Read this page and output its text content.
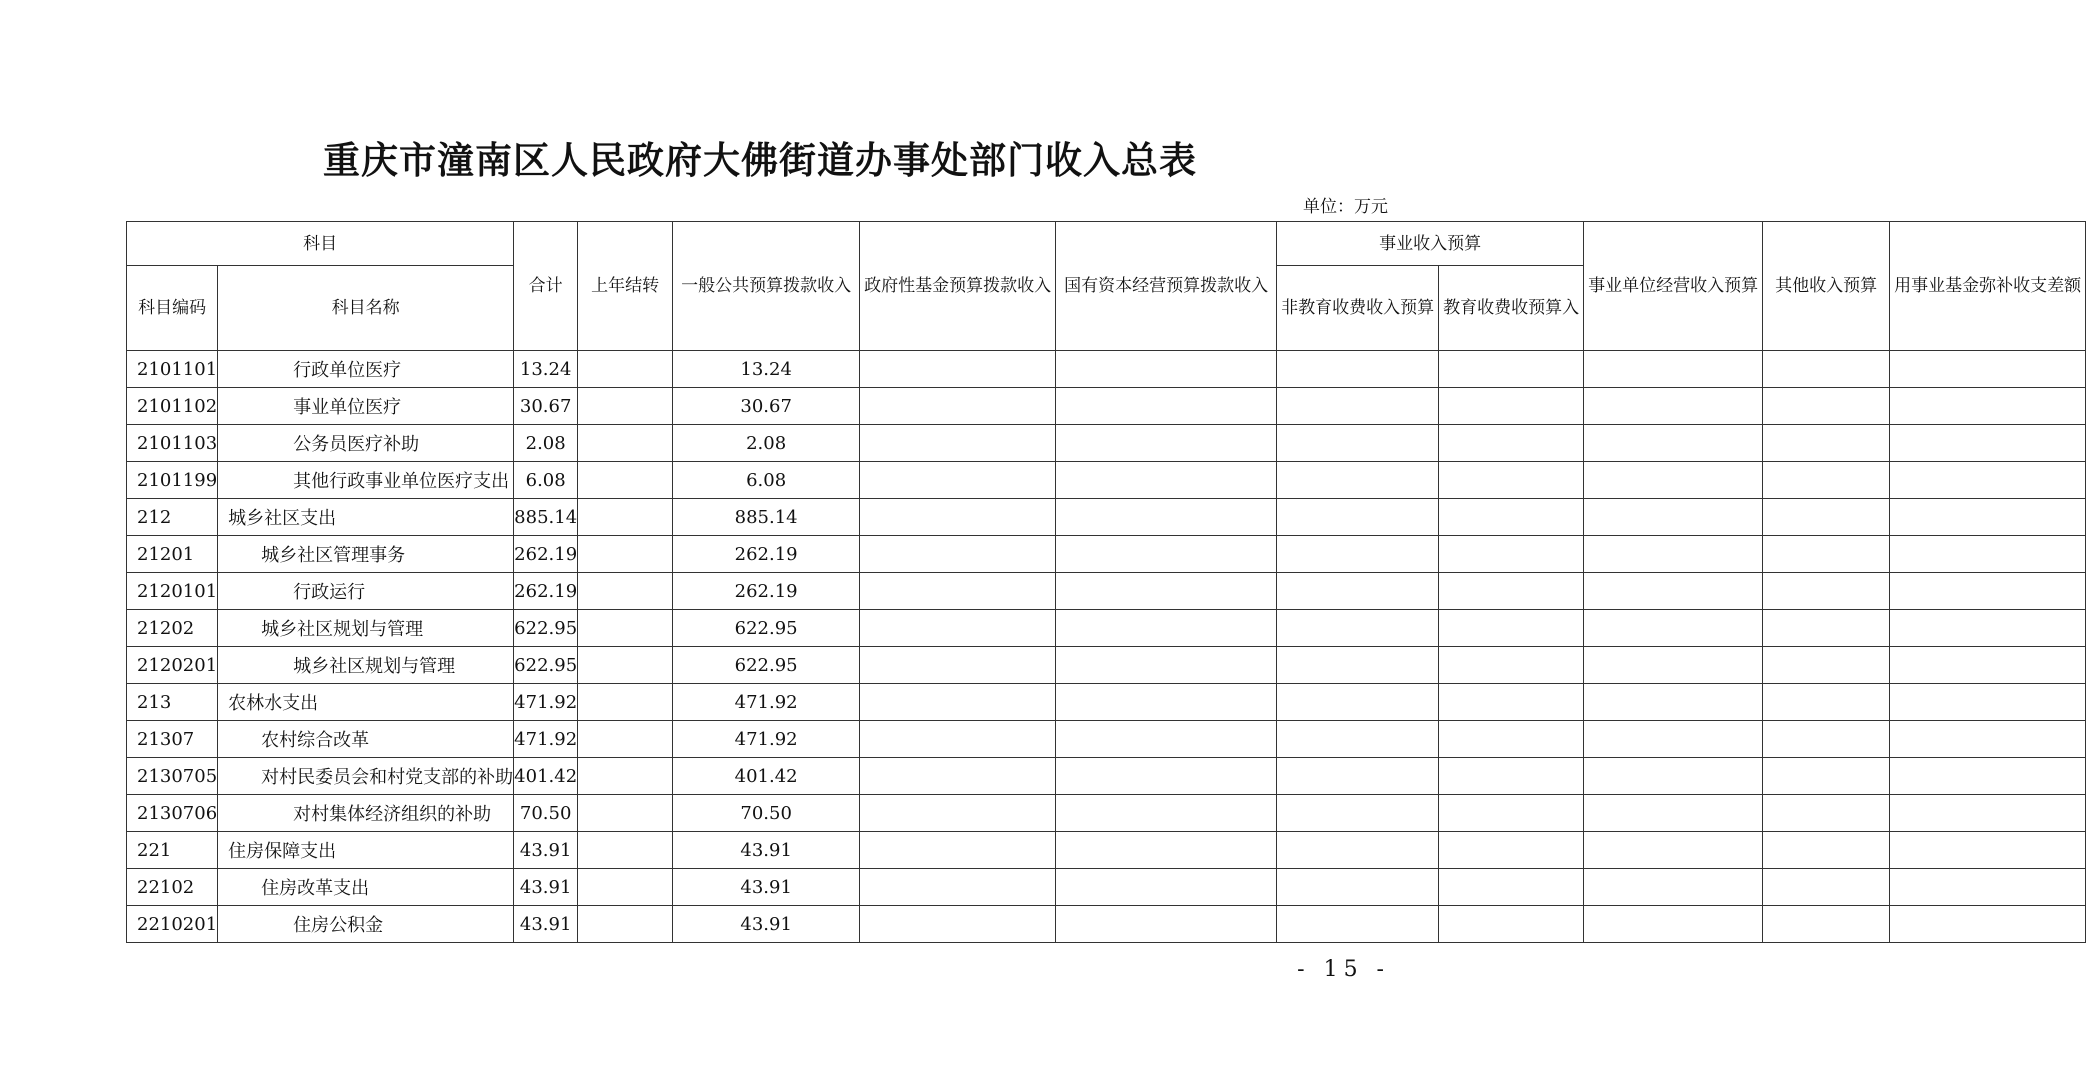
重庆市潼南区人民政府大佛街道办事处部门收入总表
单位：万元
科目		合计	上年结转	一般公共预算拨款收入	政府性基金预算拨款收入	国有资本经营预算拨款收入	事业收入预算		事业单位经营收入预算	其他收入预算	用事业基金弥补收支差额
科目编码	科目名称						非教育收费收入预算	教育收费收预算入			
2101101	行政单位医疗	13.24		13.24							
2101102	事业单位医疗	30.67		30.67							
2101103	公务员医疗补助	2.08		2.08							
2101199	其他行政事业单位医疗支出	6.08		6.08							
212	城乡社区支出	885.14		885.14							
21201	城乡社区管理事务	262.19		262.19							
2120101	行政运行	262.19		262.19							
21202	城乡社区规划与管理	622.95		622.95							
2120201	城乡社区规划与管理	622.95		622.95							
213	农林水支出	471.92		471.92							
21307	农村综合改革	471.92		471.92							
2130705	对村民委员会和村党支部的补助	401.42		401.42							
2130706	对村集体经济组织的补助	70.50		70.50							
221	住房保障支出	43.91		43.91							
22102	住房改革支出	43.91		43.91							
2210201	住房公积金	43.91		43.91							
- 15 -
